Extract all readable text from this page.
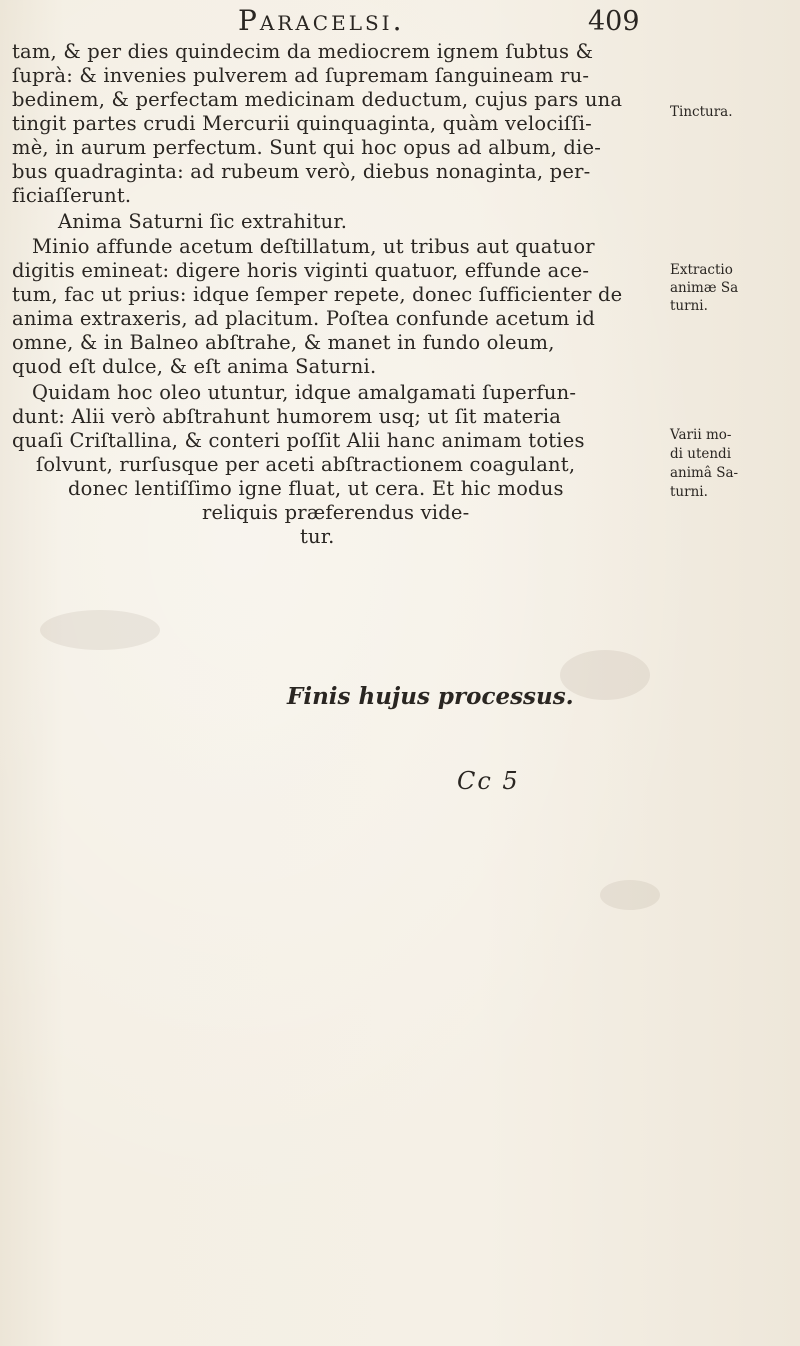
Paracelsi.	409
tam, & per dies quindecim da mediocrem ignem ſubtus &
ſuprà: & invenies pulverem ad ſupremam ſanguineam ru-
bedinem, & perfectam medicinam deductum, cujus pars una
tingit partes crudi Mercurii quinquaginta, quàm velociſſi-
mè, in aurum perfectum. Sunt qui hoc opus ad album, die-
bus quadraginta: ad rubeum verò, diebus nonaginta, per-
ficiaſſerunt.
Anima Saturni ſic extrahitur.
Minio affunde acetum deſtillatum, ut tribus aut quatuor
digitis emineat: digere horis viginti quatuor, effunde ace-
tum, fac ut prius: idque ſemper repete, donec ſufficienter de
anima extraxeris, ad placitum. Poſtea confunde acetum id
omne, & in Balneo abſtrahe, & manet in fundo oleum,
quod eſt dulce, & eſt anima Saturni.
Quidam hoc oleo utuntur, idque amalgamati ſuperfun-
dunt: Alii verò abſtrahunt humorem usq; ut ſit materia
quaſi Criſtallina, & conteri poſſit Alii hanc animam toties
ſolvunt, rurſusque per aceti abſtractionem coagulant,
donec lentiſſimo igne fluat, ut cera. Et hic modus
reliquis præferendus vide-
tur.
Tinctura.
Extractio
animæ Sa
turni.
Varii mo-
di utendi
animâ Sa-
turni.
Finis hujus processus.
Cc 5
